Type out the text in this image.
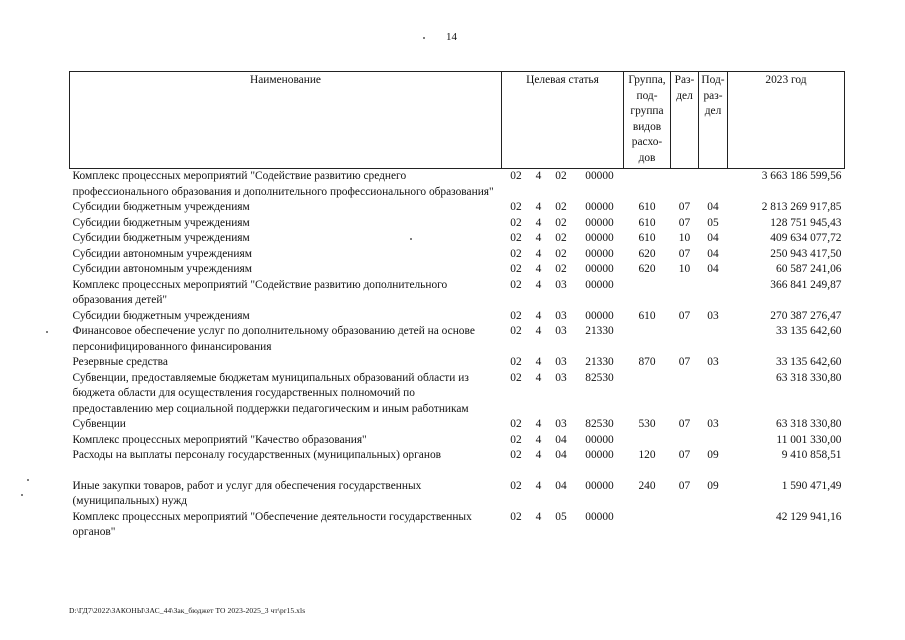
14
Наименование	Целевая статья				Группа, под-группа видов расхо-дов	Раз-дел	Под-раз-дел	2023 год
Комплекс процессных мероприятий "Содействие развитию среднего профессионального образования и дополнительного профессионального образования"	02	4	02	00000				3 663 186 599,56
Субсидии бюджетным учреждениям	02	4	02	00000	610	07	04	2 813 269 917,85
Субсидии бюджетным учреждениям	02	4	02	00000	610	07	05	128 751 945,43
Субсидии бюджетным учреждениям	02	4	02	00000	610	10	04	409 634 077,72
Субсидии автономным учреждениям	02	4	02	00000	620	07	04	250 943 417,50
Субсидии автономным учреждениям	02	4	02	00000	620	10	04	60 587 241,06
Комплекс процессных мероприятий "Содействие развитию дополнительного образования детей"	02	4	03	00000				366 841 249,87
Субсидии бюджетным учреждениям	02	4	03	00000	610	07	03	270 387 276,47
Финансовое обеспечение услуг по дополнительному образованию детей на основе персонифицированного финансирования	02	4	03	21330				33 135 642,60
Резервные средства	02	4	03	21330	870	07	03	33 135 642,60
Субвенции, предоставляемые бюджетам муниципальных образований области из бюджета области для осуществления государственных полномочий по предоставлению мер социальной поддержки педагогическим и иным работникам	02	4	03	82530				63 318 330,80
Субвенции	02	4	03	82530	530	07	03	63 318 330,80
Комплекс процессных мероприятий "Качество образования"	02	4	04	00000				11 001 330,00
Расходы на выплаты персоналу государственных (муниципальных) органов	02	4	04	00000	120	07	09	9 410 858,51

Иные закупки товаров, работ и услуг для обеспечения государственных (муниципальных) нужд	02	4	04	00000	240	07	09	1 590 471,49
Комплекс процессных мероприятий "Обеспечение деятельности государственных органов"	02	4	05	00000				42 129 941,16
D:\ГД7\2022\ЗАКОНЫ\ЗАС_44\Зак_бюджет ТО 2023-2025_3 чт\pr15.xls
